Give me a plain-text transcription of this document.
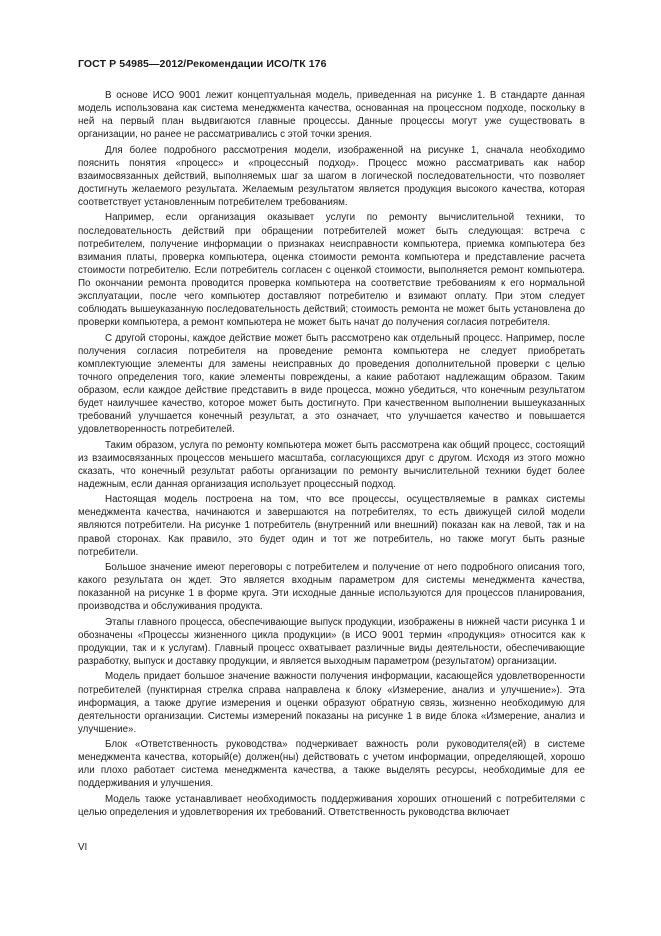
ГОСТ Р 54985—2012/Рекомендации ИСО/ТК 176

В основе ИСО 9001 лежит концептуальная модель, приведенная на рисунке 1. В стандарте данная модель использована как система менеджмента качества, основанная на процессном подходе, поскольку в ней на первый план выдвигаются главные процессы. Данные процессы могут уже существовать в организации, но ранее не рассматривались с этой точки зрения.

Для более подробного рассмотрения модели, изображенной на рисунке 1, сначала необходимо пояснить понятия «процесс» и «процессный подход». Процесс можно рассматривать как набор взаимосвязанных действий, выполняемых шаг за шагом в логической последовательности, что позволяет достигнуть желаемого результата. Желаемым результатом является продукция высокого качества, которая соответствует установленным потребителем требованиям.

Например, если организация оказывает услуги по ремонту вычислительной техники, то последовательность действий при обращении потребителей может быть следующая: встреча с потребителем, получение информации о признаках неисправности компьютера, приемка компьютера без взимания платы, проверка компьютера, оценка стоимости ремонта компьютера и представление расчета стоимости потребителю. Если потребитель согласен с оценкой стоимости, выполняется ремонт компьютера. По окончании ремонта проводится проверка компьютера на соответствие требованиям к его нормальной эксплуатации, после чего компьютер доставляют потребителю и взимают оплату. При этом следует соблюдать вышеуказанную последовательность действий; стоимость ремонта не может быть установлена до проверки компьютера, а ремонт компьютера не может быть начат до получения согласия потребителя.

С другой стороны, каждое действие может быть рассмотрено как отдельный процесс. Например, после получения согласия потребителя на проведение ремонта компьютера не следует приобретать комплектующие элементы для замены неисправных до проведения дополнительной проверки с целью точного определения того, какие элементы повреждены, а какие работают надлежащим образом. Таким образом, если каждое действие представить в виде процесса, можно убедиться, что конечным результатом будет наилучшее качество, которое может быть достигнуто. При качественном выполнении вышеуказанных требований улучшается конечный результат, а это означает, что улучшается качество и повышается удовлетворенность потребителей.

Таким образом, услуга по ремонту компьютера может быть рассмотрена как общий процесс, состоящий из взаимосвязанных процессов меньшего масштаба, согласующихся друг с другом. Исходя из этого можно сказать, что конечный результат работы организации по ремонту вычислительной техники будет более надежным, если данная организация использует процессный подход.

Настоящая модель построена на том, что все процессы, осуществляемые в рамках системы менеджмента качества, начинаются и завершаются на потребителях, то есть движущей силой модели являются потребители. На рисунке 1 потребитель (внутренний или внешний) показан как на левой, так и на правой сторонах. Как правило, это будет один и тот же потребитель, но также могут быть разные потребители.

Большое значение имеют переговоры с потребителем и получение от него подробного описания того, какого результата он ждет. Это является входным параметром для системы менеджмента качества, показанной на рисунке 1 в форме круга. Эти исходные данные используются для процессов планирования, производства и обслуживания продукта.

Этапы главного процесса, обеспечивающие выпуск продукции, изображены в нижней части рисунка 1 и обозначены «Процессы жизненного цикла продукции» (в ИСО 9001 термин «продукция» относится как к продукции, так и к услугам). Главный процесс охватывает различные виды деятельности, обеспечивающие разработку, выпуск и доставку продукции, и является выходным параметром (результатом) организации.

Модель придает большое значение важности получения информации, касающейся удовлетворенности потребителей (пунктирная стрелка справа направлена к блоку «Измерение, анализ и улучшение»). Эта информация, а также другие измерения и оценки образуют обратную связь, жизненно необходимую для деятельности организации. Системы измерений показаны на рисунке 1 в виде блока «Измерение, анализ и улучшение».

Блок «Ответственность руководства» подчеркивает важность роли руководителя(ей) в системе менеджмента качества, который(е) должен(ны) действовать с учетом информации, определяющей, хорошо или плохо работает система менеджмента качества, а также выделять ресурсы, необходимые для ее поддерживания и улучшения.

Модель также устанавливает необходимость поддерживания хороших отношений с потребителями с целью определения и удовлетворения их требований. Ответственность руководства включает

VI
